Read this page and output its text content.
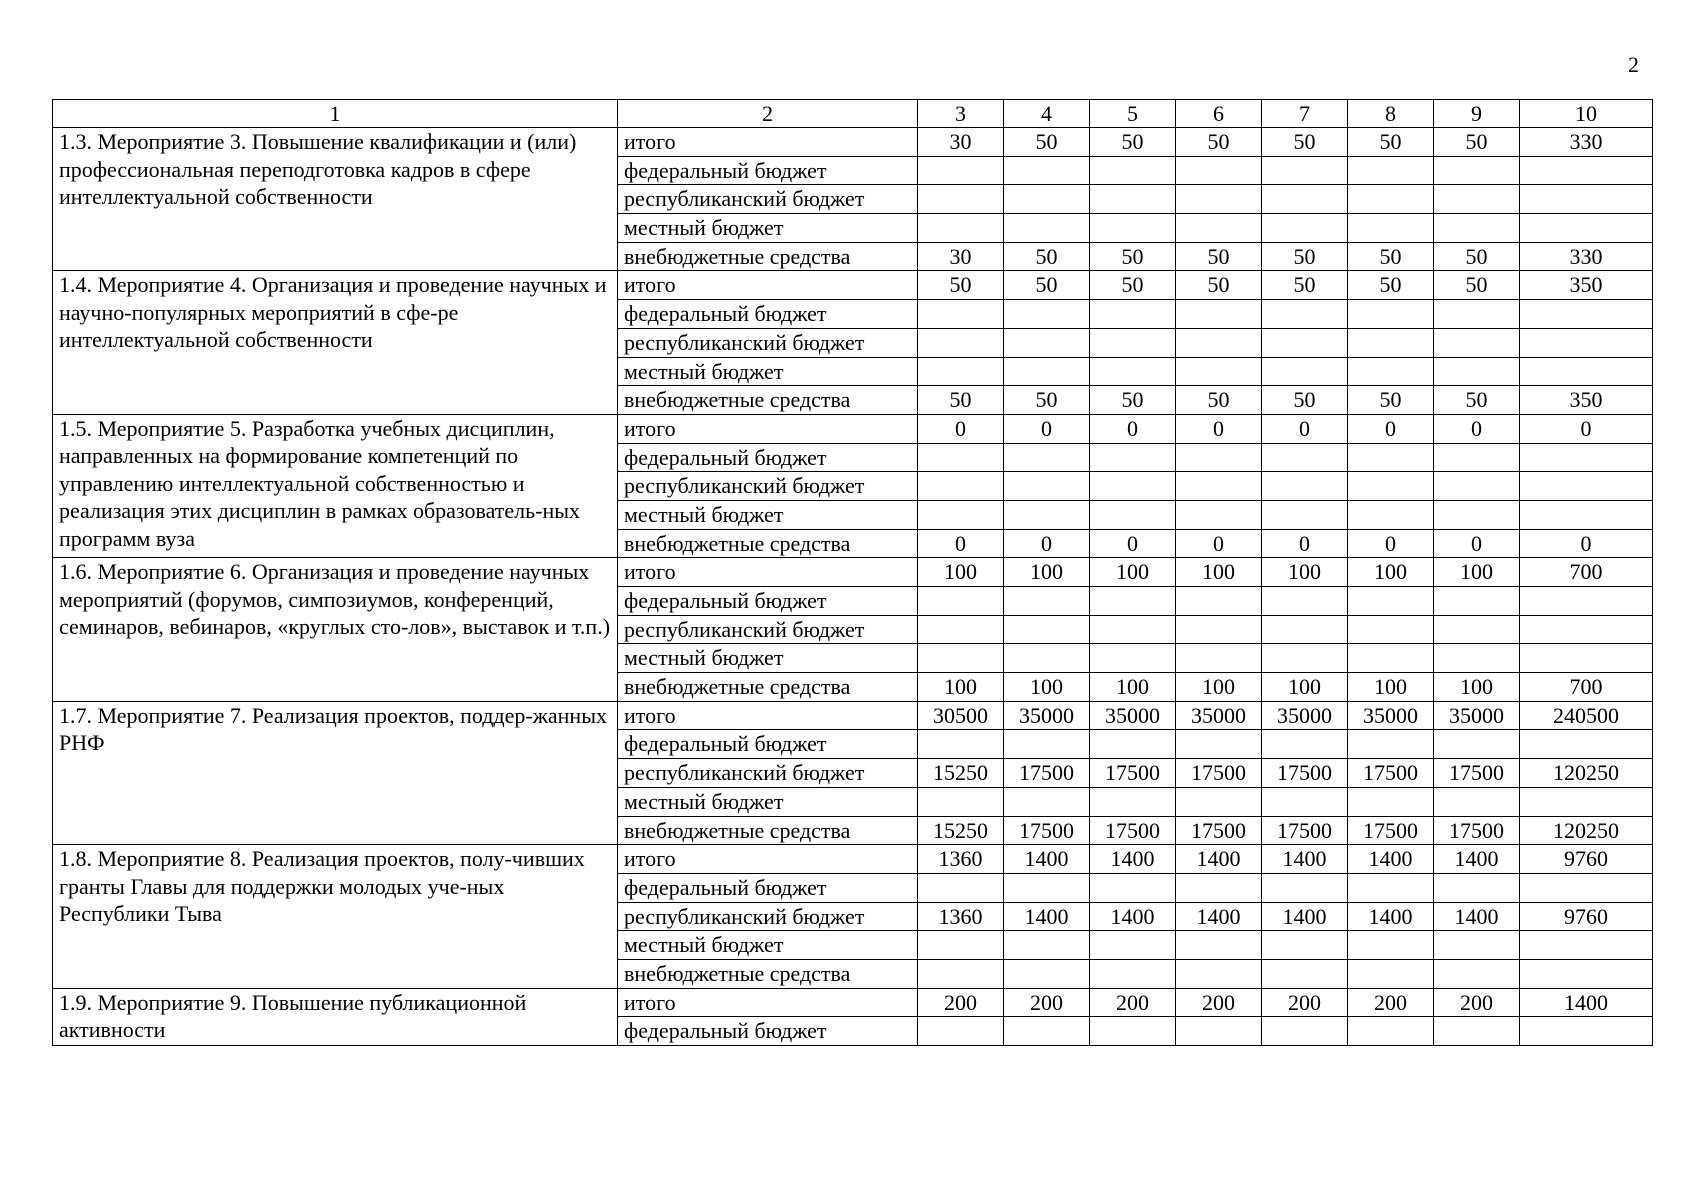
2
1	2	3	4	5	6	7	8	9	10
1.3. Мероприятие 3. Повышение квалификации и (или) профессиональная переподготовка кадров в сфере интеллектуальной собственности	итого	30	50	50	50	50	50	50	330
	федеральный бюджет								
	республиканский бюджет								
	местный бюджет								
	внебюджетные средства	30	50	50	50	50	50	50	330
1.4. Мероприятие 4. Организация и проведение научных и научно-популярных мероприятий в сфе-ре интеллектуальной собственности	итого	50	50	50	50	50	50	50	350
	федеральный бюджет								
	республиканский бюджет								
	местный бюджет								
	внебюджетные средства	50	50	50	50	50	50	50	350
1.5. Мероприятие 5. Разработка учебных дисциплин, направленных на формирование компетенций по управлению интеллектуальной собственностью и реализация этих дисциплин в рамках образователь-ных программ вуза	итого	0	0	0	0	0	0	0	0
	федеральный бюджет								
	республиканский бюджет								
	местный бюджет								
	внебюджетные средства	0	0	0	0	0	0	0	0
1.6. Мероприятие 6. Организация и проведение научных мероприятий (форумов, симпозиумов, конференций, семинаров, вебинаров, «круглых сто-лов», выставок и т.п.)	итого	100	100	100	100	100	100	100	700
	федеральный бюджет								
	республиканский бюджет								
	местный бюджет								
	внебюджетные средства	100	100	100	100	100	100	100	700
1.7. Мероприятие 7. Реализация проектов, поддер-жанных РНФ	итого	30500	35000	35000	35000	35000	35000	35000	240500
	федеральный бюджет								
	республиканский бюджет	15250	17500	17500	17500	17500	17500	17500	120250
	местный бюджет								
	внебюджетные средства	15250	17500	17500	17500	17500	17500	17500	120250
1.8. Мероприятие 8. Реализация проектов, полу-чивших гранты Главы для поддержки молодых уче-ных Республики Тыва	итого	1360	1400	1400	1400	1400	1400	1400	9760
	федеральный бюджет								
	республиканский бюджет	1360	1400	1400	1400	1400	1400	1400	9760
	местный бюджет								
	внебюджетные средства								
1.9. Мероприятие 9. Повышение публикационной активности	итого	200	200	200	200	200	200	200	1400
	федеральный бюджет								
